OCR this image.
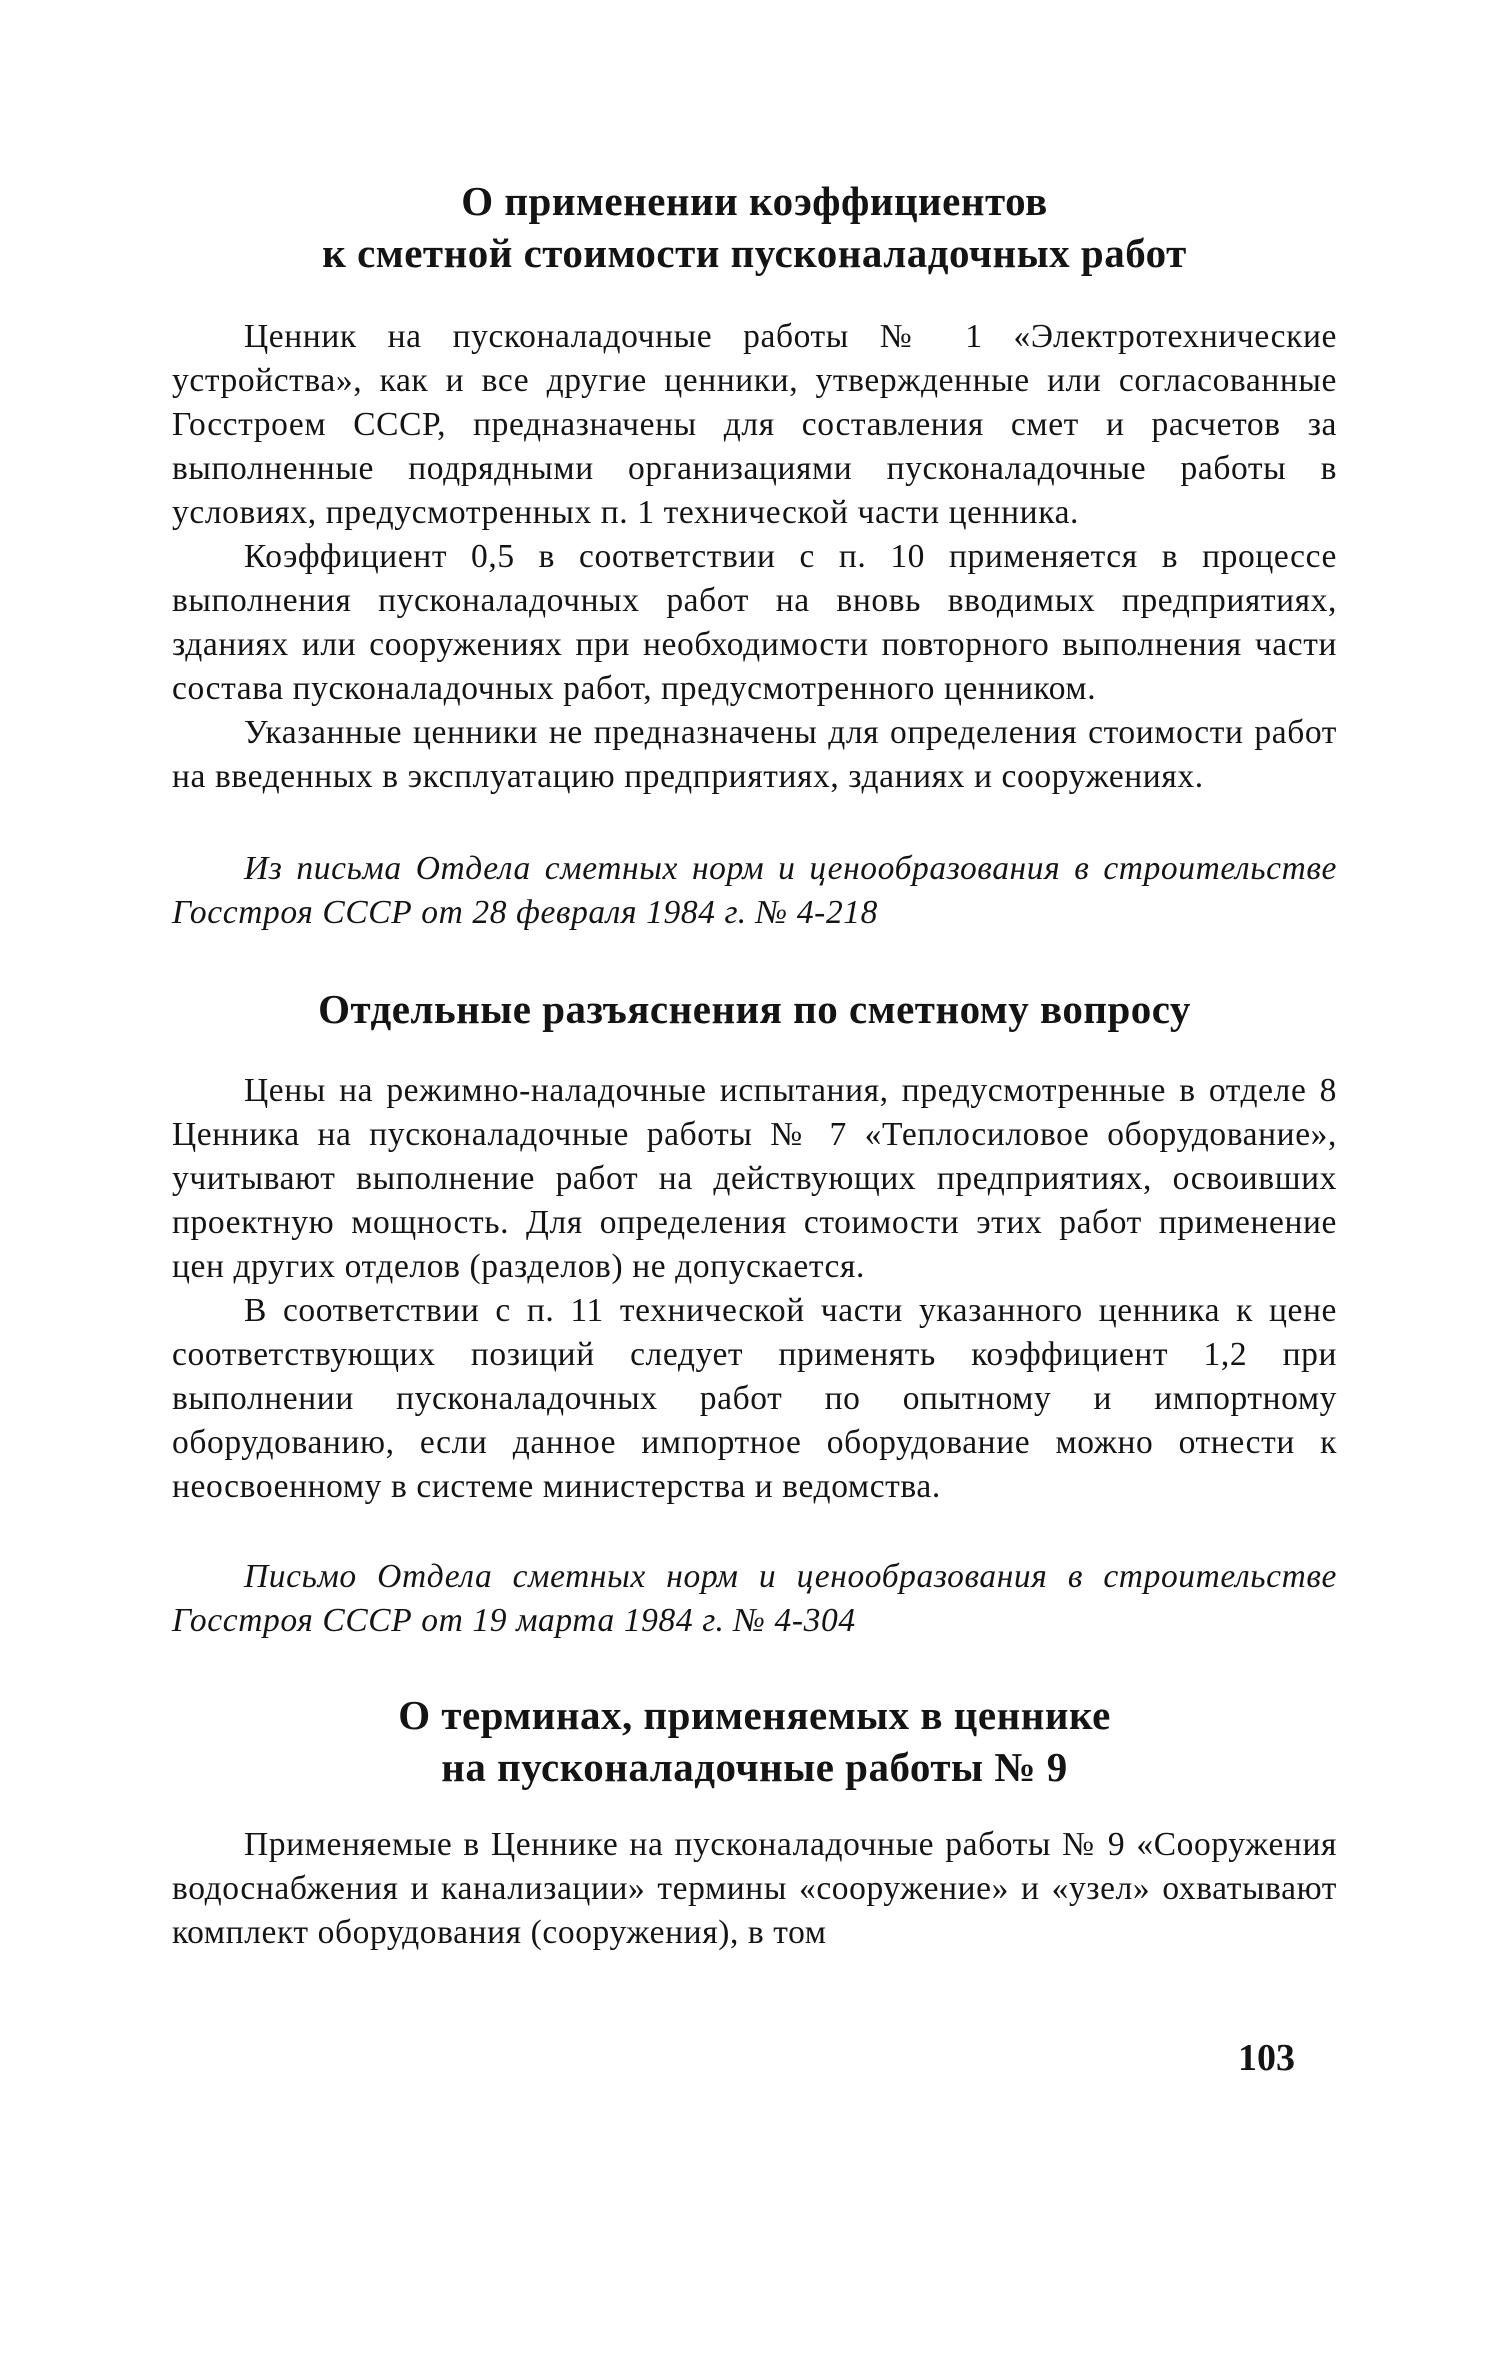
О применении коэффициентов
к сметной стоимости пусконаладочных работ

Ценник на пусконаладочные работы № 1 «Электротехнические устройства», как и все другие ценники, утвержденные или согласованные Госстроем СССР, предназначены для составления смет и расчетов за выполненные подрядными организациями пусконаладочные работы в условиях, предусмотренных п. 1 технической части ценника.

Коэффициент 0,5 в соответствии с п. 10 применяется в процессе выполнения пусконаладочных работ на вновь вводимых предприятиях, зданиях или сооружениях при необходимости повторного выполнения части состава пусконаладочных работ, предусмотренного ценником.

Указанные ценники не предназначены для определения стоимости работ на введенных в эксплуатацию предприятиях, зданиях и сооружениях.

Из письма Отдела сметных норм и ценообразования в строительстве Госстроя СССР от 28 февраля 1984 г. № 4-218

Отдельные разъяснения по сметному вопросу

Цены на режимно-наладочные испытания, предусмотренные в отделе 8 Ценника на пусконаладочные работы № 7 «Теплосиловое оборудование», учитывают выполнение работ на действующих предприятиях, освоивших проектную мощность. Для определения стоимости этих работ применение цен других отделов (разделов) не допускается.

В соответствии с п. 11 технической части указанного ценника к цене соответствующих позиций следует применять коэффициент 1,2 при выполнении пусконаладочных работ по опытному и импортному оборудованию, если данное импортное оборудование можно отнести к неосвоенному в системе министерства и ведомства.

Письмо Отдела сметных норм и ценообразования в строительстве Госстроя СССР от 19 марта 1984 г. № 4-304

О терминах, применяемых в ценнике
на пусконаладочные работы № 9

Применяемые в Ценнике на пусконаладочные работы № 9 «Сооружения водоснабжения и канализации» термины «сооружение» и «узел» охватывают комплект оборудования (сооружения), в том

103
